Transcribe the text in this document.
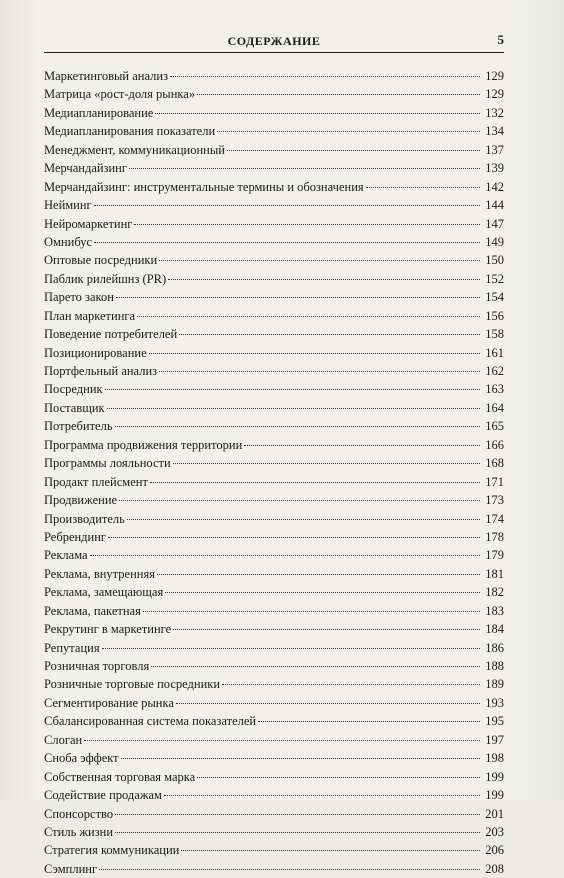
СОДЕРЖАНИЕ	5
Маркетинговый анализ	129
Матрица «рост-доля рынка»	129
Медиапланирование	132
Медиапланирования показатели	134
Менеджмент, коммуникационный	137
Мерчандайзинг	139
Мерчандайзинг: инструментальные термины и обозначения	142
Нейминг	144
Нейромаркетинг	147
Омнибус	149
Оптовые посредники	150
Паблик рилейшнз (PR)	152
Парето закон	154
План маркетинга	156
Поведение потребителей	158
Позиционирование	161
Портфельный анализ	162
Посредник	163
Поставщик	164
Потребитель	165
Программа продвижения территории	166
Программы лояльности	168
Продакт плейсмент	171
Продвижение	173
Производитель	174
Ребрендинг	178
Реклама	179
Реклама, внутренняя	181
Реклама, замещающая	182
Реклама, пакетная	183
Рекрутинг в маркетинге	184
Репутация	186
Розничная торговля	188
Розничные торговые посредники	189
Сегментирование рынка	193
Сбалансированная система показателей	195
Слоган	197
Сноба эффект	198
Собственная торговая марка	199
Содействие продажам	199
Спонсорство	201
Стиль жизни	203
Стратегия коммуникации	206
Сэмплинг	208
